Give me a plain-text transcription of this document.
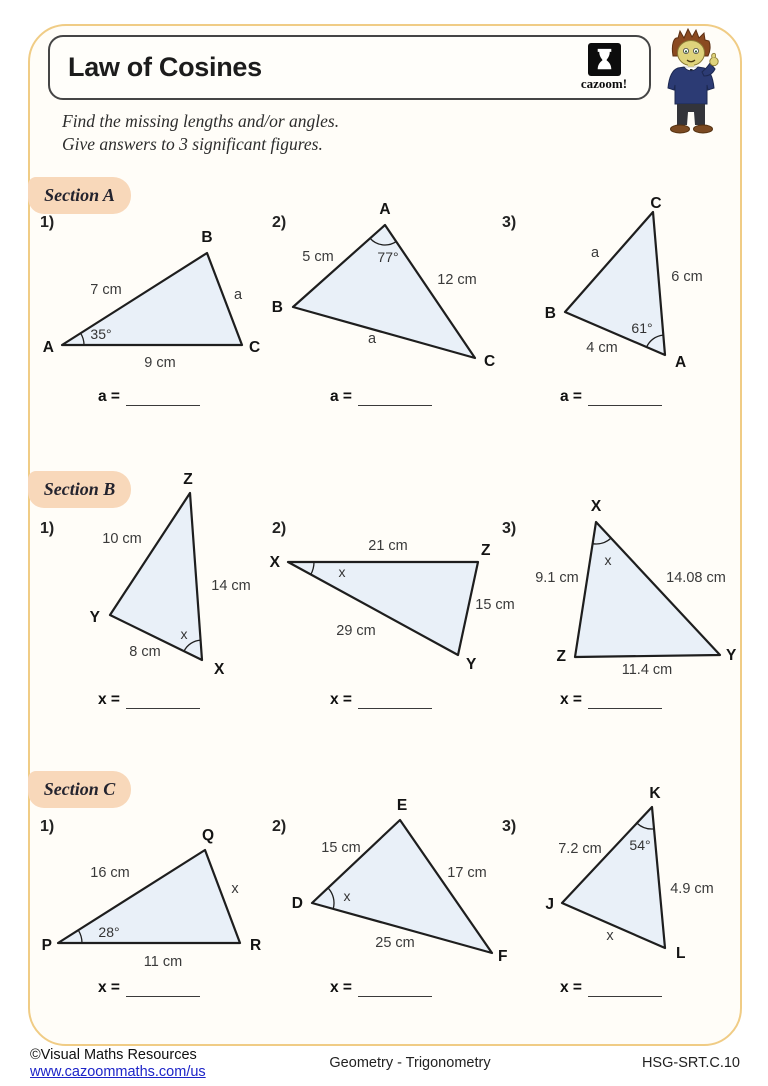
Law of Cosines
cazoom!
Find the missing lengths and/or angles.
Give answers to 3 significant figures.
Section A
1)
A
B
C
7 cm	a
9 cm
35°
a =
2)
A
B
C
5 cm
12 cm
a
77°
a =
3)
C
B
A
a
6 cm
4 cm
61°
a =
Section B
1)
Z
Y
X
10 cm
14 cm
8 cm
x
x =
2)
X
Z
Y
21 cm
15 cm
29 cm
x
x =
3)
X
Z	Y
9.1 cm	14.08 cm
11.4 cm
x
x =
Section C
1)
P
Q
R
16 cm
x
11 cm
28°
x =
2)
E
D
F
15 cm
17 cm
25 cm
x
x =
3)
K
J
L
7.2 cm
4.9 cm
x
54°
x =
©Visual Maths Resources
www.cazoommaths.com/us
Geometry - Trigonometry	HSG-SRT.C.10
